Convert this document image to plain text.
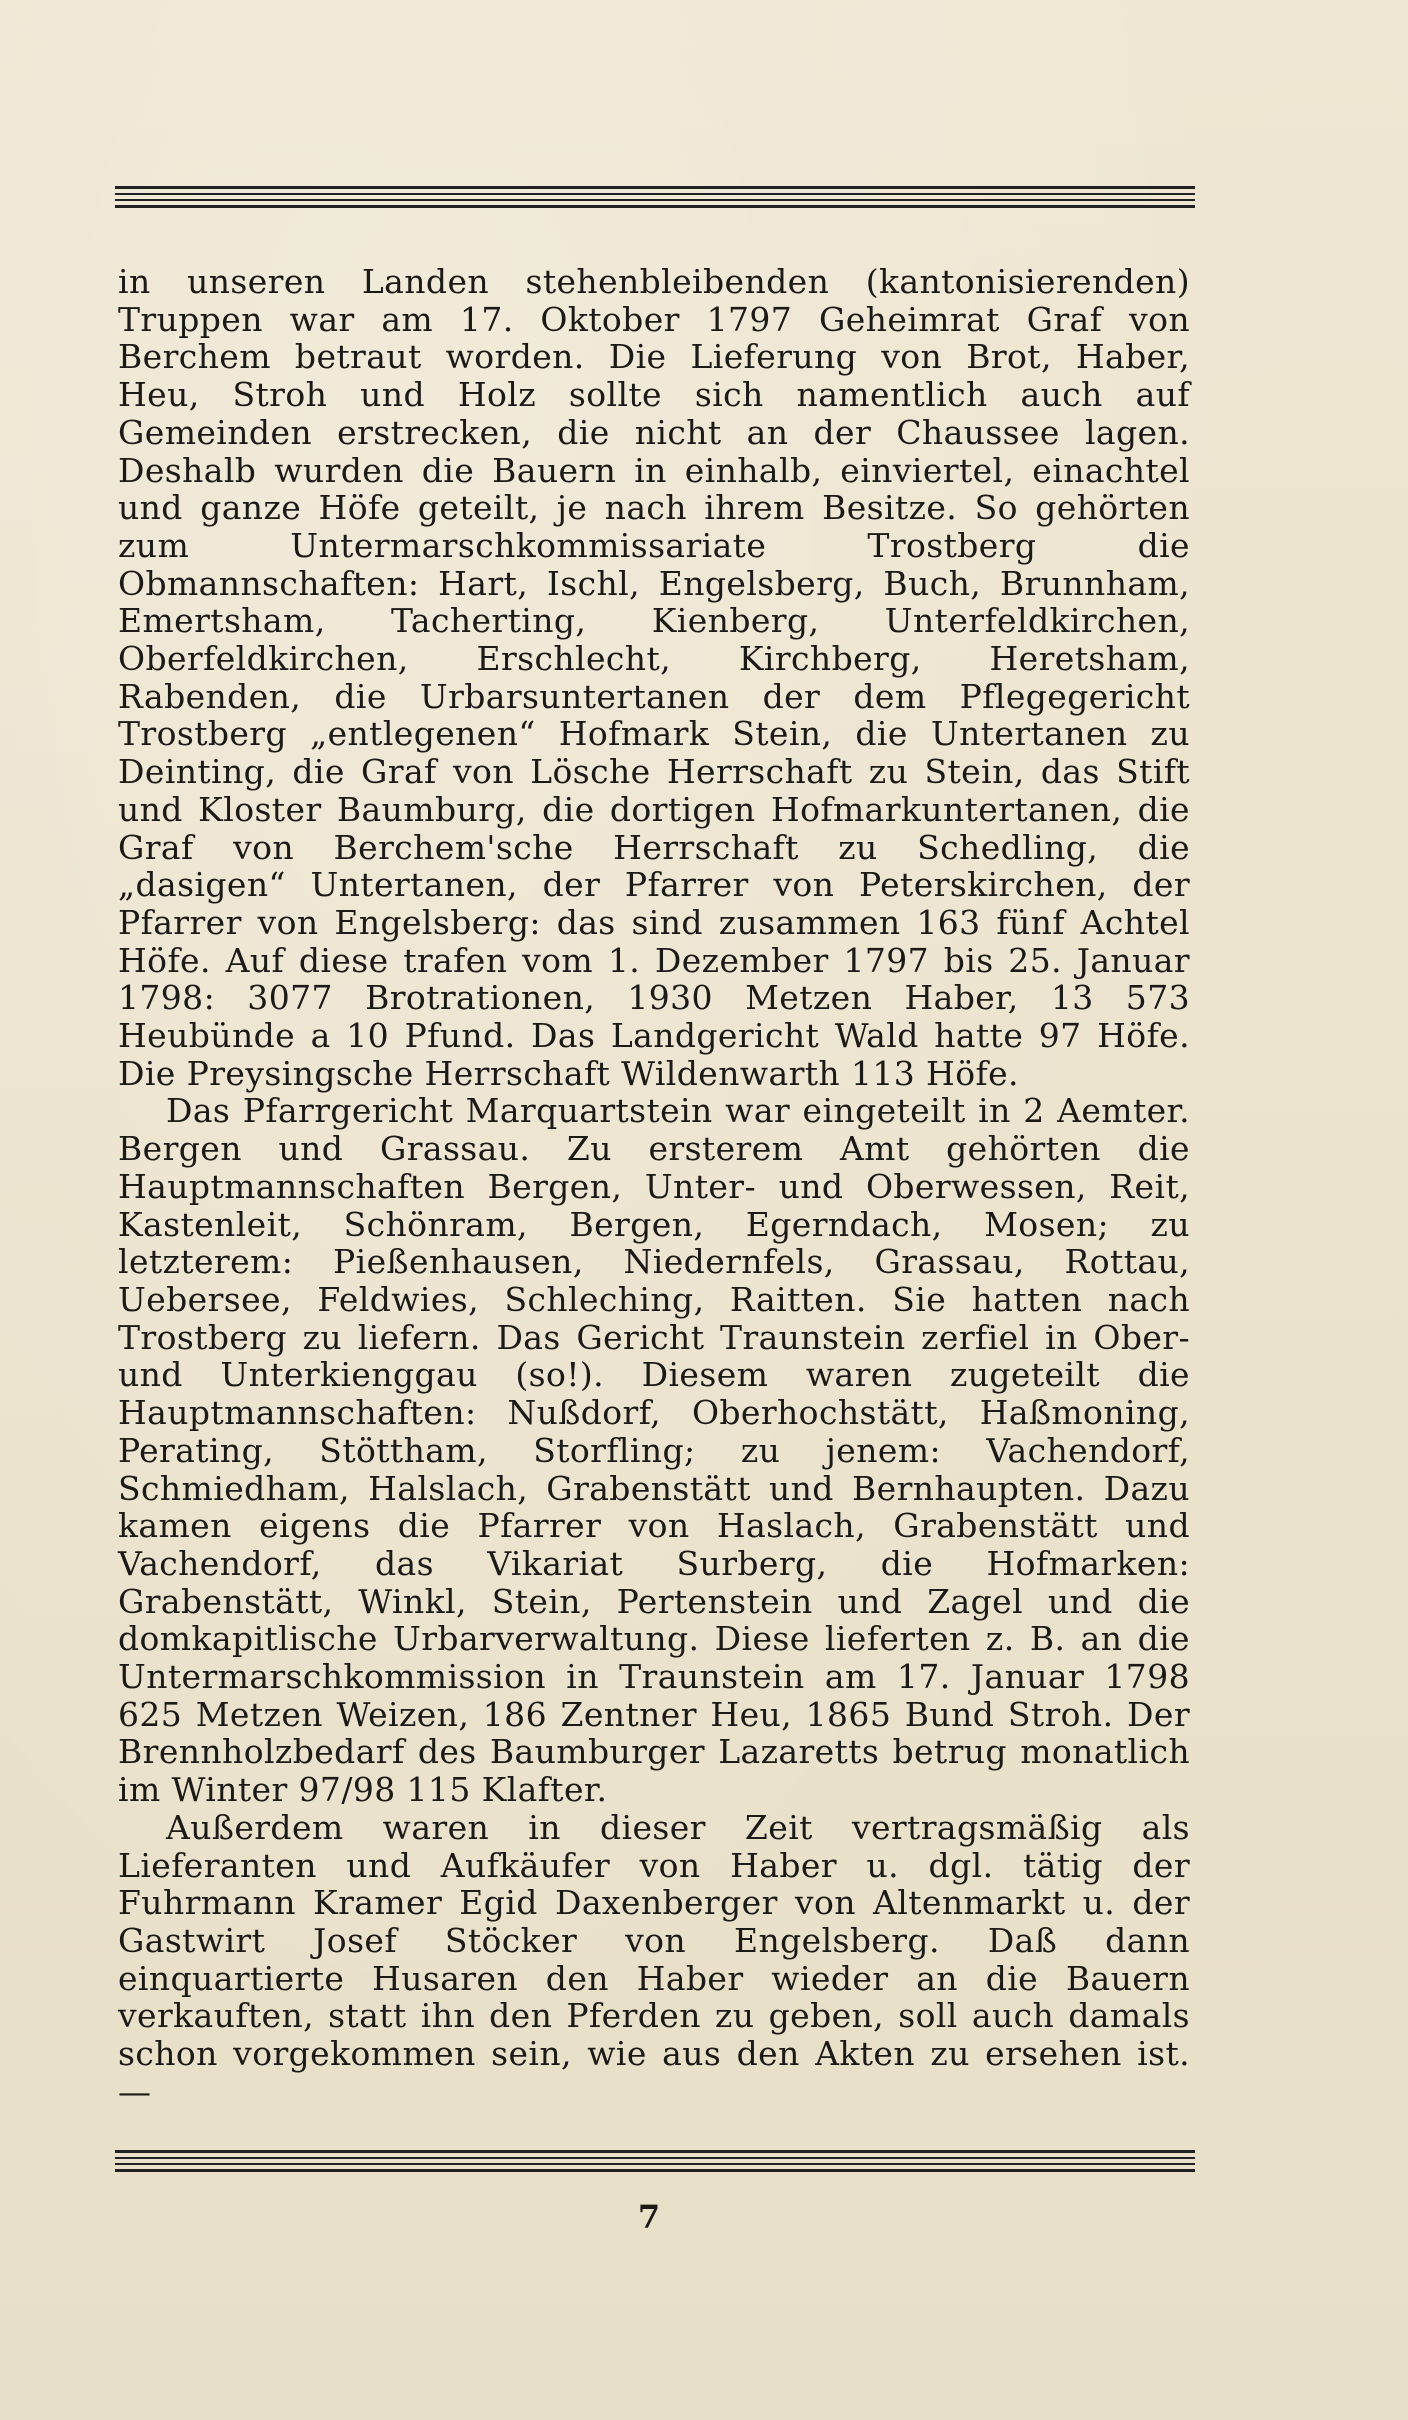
in unseren Landen stehenbleibenden (kantonisierenden) Truppen war am 17. Oktober 1797 Geheimrat Graf von Berchem betraut worden. Die Lieferung von Brot, Haber, Heu, Stroh und Holz sollte sich namentlich auch auf Gemeinden erstrecken, die nicht an der Chaussee lagen. Deshalb wurden die Bauern in einhalb, einviertel, einachtel und ganze Höfe geteilt, je nach ihrem Besitze. So gehörten zum Untermarschkommissariate Trostberg die Obmannschaften: Hart, Ischl, Engelsberg, Buch, Brunnham, Emertsham, Tacherting, Kienberg, Unterfeldkirchen, Oberfeldkirchen, Erschlecht, Kirchberg, Heretsham, Rabenden, die Urbarsuntertanen der dem Pflegegericht Trostberg „entlegenen“ Hofmark Stein, die Untertanen zu Deinting, die Graf von Lösche Herrschaft zu Stein, das Stift und Kloster Baumburg, die dortigen Hofmarkuntertanen, die Graf von Berchem'sche Herrschaft zu Schedling, die „dasigen“ Untertanen, der Pfarrer von Peterskirchen, der Pfarrer von Engelsberg: das sind zusammen 163 fünf Achtel Höfe. Auf diese trafen vom 1. Dezember 1797 bis 25. Januar 1798: 3077 Brotrationen, 1930 Metzen Haber, 13 573 Heubünde a 10 Pfund. Das Landgericht Wald hatte 97 Höfe. Die Preysingsche Herrschaft Wildenwarth 113 Höfe.

Das Pfarrgericht Marquartstein war eingeteilt in 2 Aemter. Bergen und Grassau. Zu ersterem Amt gehörten die Hauptmannschaften Bergen, Unter- und Oberwessen, Reit, Kastenleit, Schönram, Bergen, Egerndach, Mosen; zu letzterem: Pießenhausen, Niedernfels, Grassau, Rottau, Uebersee, Feldwies, Schleching, Raitten. Sie hatten nach Trostberg zu liefern. Das Gericht Traunstein zerfiel in Ober- und Unterkienggau (so!). Diesem waren zugeteilt die Hauptmannschaften: Nußdorf, Oberhochstätt, Haßmoning, Perating, Stöttham, Storfling; zu jenem: Vachendorf, Schmiedham, Halslach, Grabenstätt und Bernhaupten. Dazu kamen eigens die Pfarrer von Haslach, Grabenstätt und Vachendorf, das Vikariat Surberg, die Hofmarken: Grabenstätt, Winkl, Stein, Pertenstein und Zagel und die domkapitlische Urbarverwaltung. Diese lieferten z. B. an die Untermarschkommission in Traunstein am 17. Januar 1798 625 Metzen Weizen, 186 Zentner Heu, 1865 Bund Stroh. Der Brennholzbedarf des Baumburger Lazaretts betrug monatlich im Winter 97/98 115 Klafter.

Außerdem waren in dieser Zeit vertragsmäßig als Lieferanten und Aufkäufer von Haber u. dgl. tätig der Fuhrmann Kramer Egid Daxenberger von Altenmarkt u. der Gastwirt Josef Stöcker von Engelsberg. Daß dann einquartierte Husaren den Haber wieder an die Bauern verkauften, statt ihn den Pferden zu geben, soll auch damals schon vorgekommen sein, wie aus den Akten zu ersehen ist. —

7
